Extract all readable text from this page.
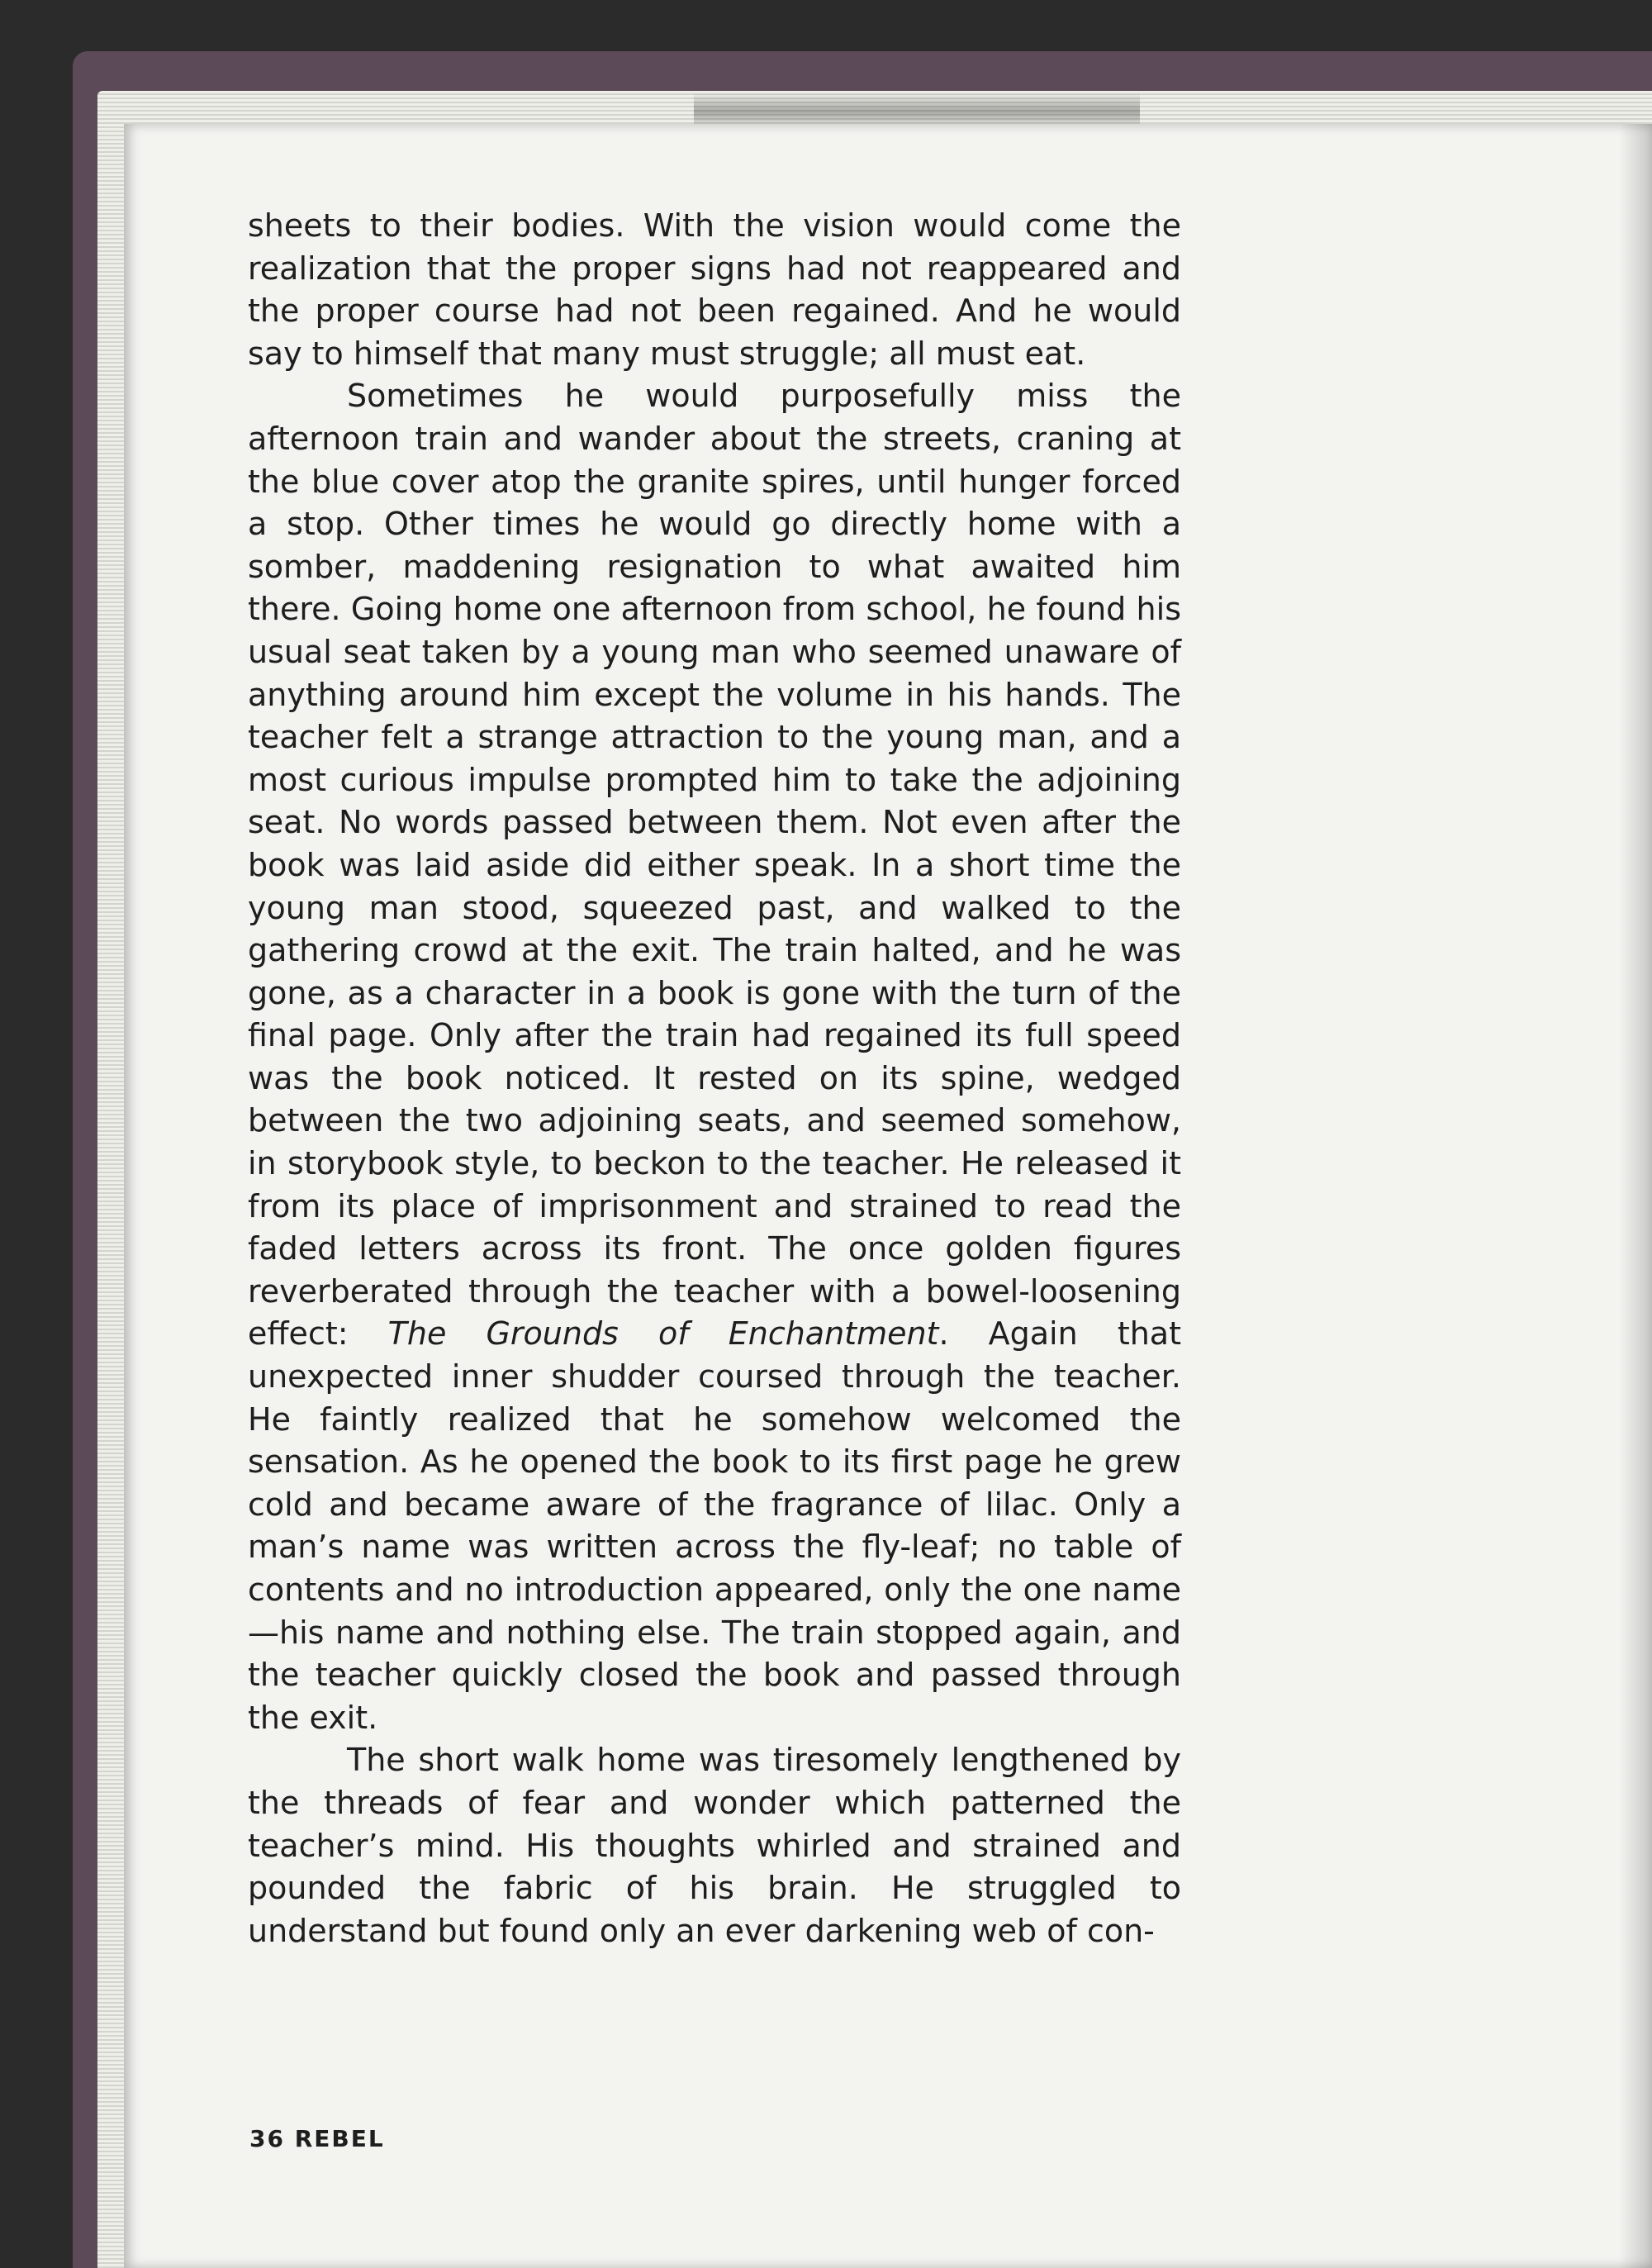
sheets to their bodies. With the vision would come the realization that the proper signs had not reappeared and the proper course had not been regained. And he would say to himself that many must struggle; all must eat.

Sometimes he would purposefully miss the afternoon train and wander about the streets, craning at the blue cover atop the granite spires, until hunger forced a stop. Other times he would go directly home with a somber, maddening resignation to what awaited him there. Going home one afternoon from school, he found his usual seat taken by a young man who seemed unaware of anything around him except the volume in his hands. The teacher felt a strange attraction to the young man, and a most curious impulse prompted him to take the adjoining seat. No words passed between them. Not even after the book was laid aside did either speak. In a short time the young man stood, squeezed past, and walked to the gathering crowd at the exit. The train halted, and he was gone, as a character in a book is gone with the turn of the final page. Only after the train had regained its full speed was the book noticed. It rested on its spine, wedged between the two adjoining seats, and seemed somehow, in storybook style, to beckon to the teacher. He released it from its place of imprisonment and strained to read the faded letters across its front. The once golden figures reverberated through the teacher with a bowel-loosening effect: The Grounds of Enchantment. Again that unexpected inner shudder coursed through the teacher. He faintly realized that he somehow welcomed the sensation. As he opened the book to its first page he grew cold and became aware of the fragrance of lilac. Only a man’s name was written across the fly-leaf; no table of contents and no introduction appeared, only the one name—his name and nothing else. The train stopped again, and the teacher quickly closed the book and passed through the exit.

The short walk home was tiresomely lengthened by the threads of fear and wonder which patterned the teacher’s mind. His thoughts whirled and strained and pounded the fabric of his brain. He struggled to understand but found only an ever darkening web of con-

36 REBEL
